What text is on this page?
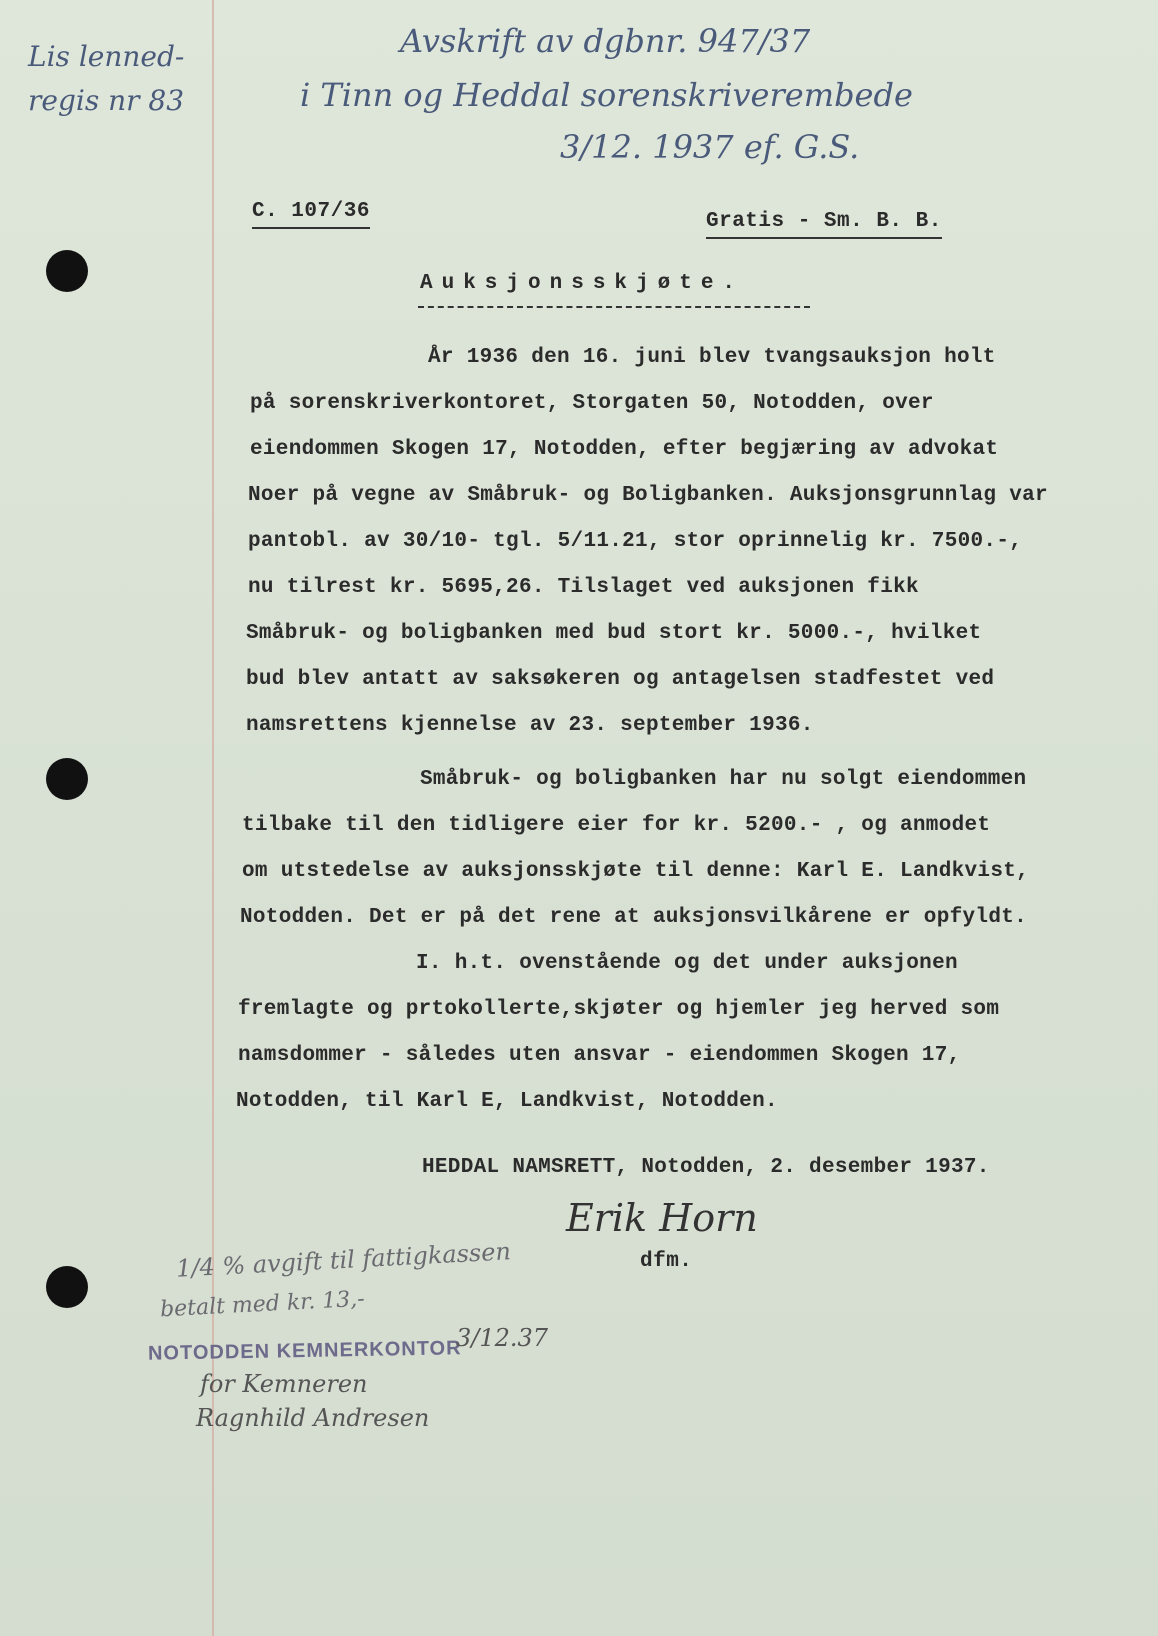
Lis lenned-
regis nr 83
Avskrift av dgbnr. 947/37
i Tinn og Heddal sorenskriverembede
3/12. 1937 ef. G.S.
C. 107/36	Gratis - Sm. B. B.
Auksjonsskjøte.

År 1936 den 16. juni blev tvangsauksjon holt

på sorenskriverkontoret, Storgaten 50, Notodden, over

eiendommen Skogen 17, Notodden, efter begjæring av advokat

Noer på vegne av Småbruk- og Boligbanken. Auksjonsgrunnlag var

pantobl. av 30/10- tgl. 5/11.21, stor oprinnelig kr. 7500.-,

nu tilrest kr. 5695,26. Tilslaget ved auksjonen fikk

Småbruk- og boligbanken med bud stort kr. 5000.-, hvilket

bud blev antatt av saksøkeren og antagelsen stadfestet ved

namsrettens kjennelse av 23. september 1936.

Småbruk- og boligbanken har nu solgt eiendommen

tilbake til den tidligere eier for kr. 5200.- , og anmodet

om utstedelse av auksjonsskjøte til denne: Karl E. Landkvist,

Notodden. Det er på det rene at auksjonsvilkårene er opfyldt.

I. h.t. ovenstående og det under auksjonen

fremlagte og prtokollerte,skjøter og hjemler jeg herved som

namsdommer - således uten ansvar - eiendommen Skogen 17,

Notodden, til Karl E, Landkvist, Notodden.

HEDDAL NAMSRETT, Notodden, 2. desember 1937.

Erik Horn
dfm.
1/4 % avgift til fattigkassen
betalt med kr. 13,-
NOTODDEN KEMNERKONTOR
3/12.37
for Kemneren
Ragnhild Andresen
